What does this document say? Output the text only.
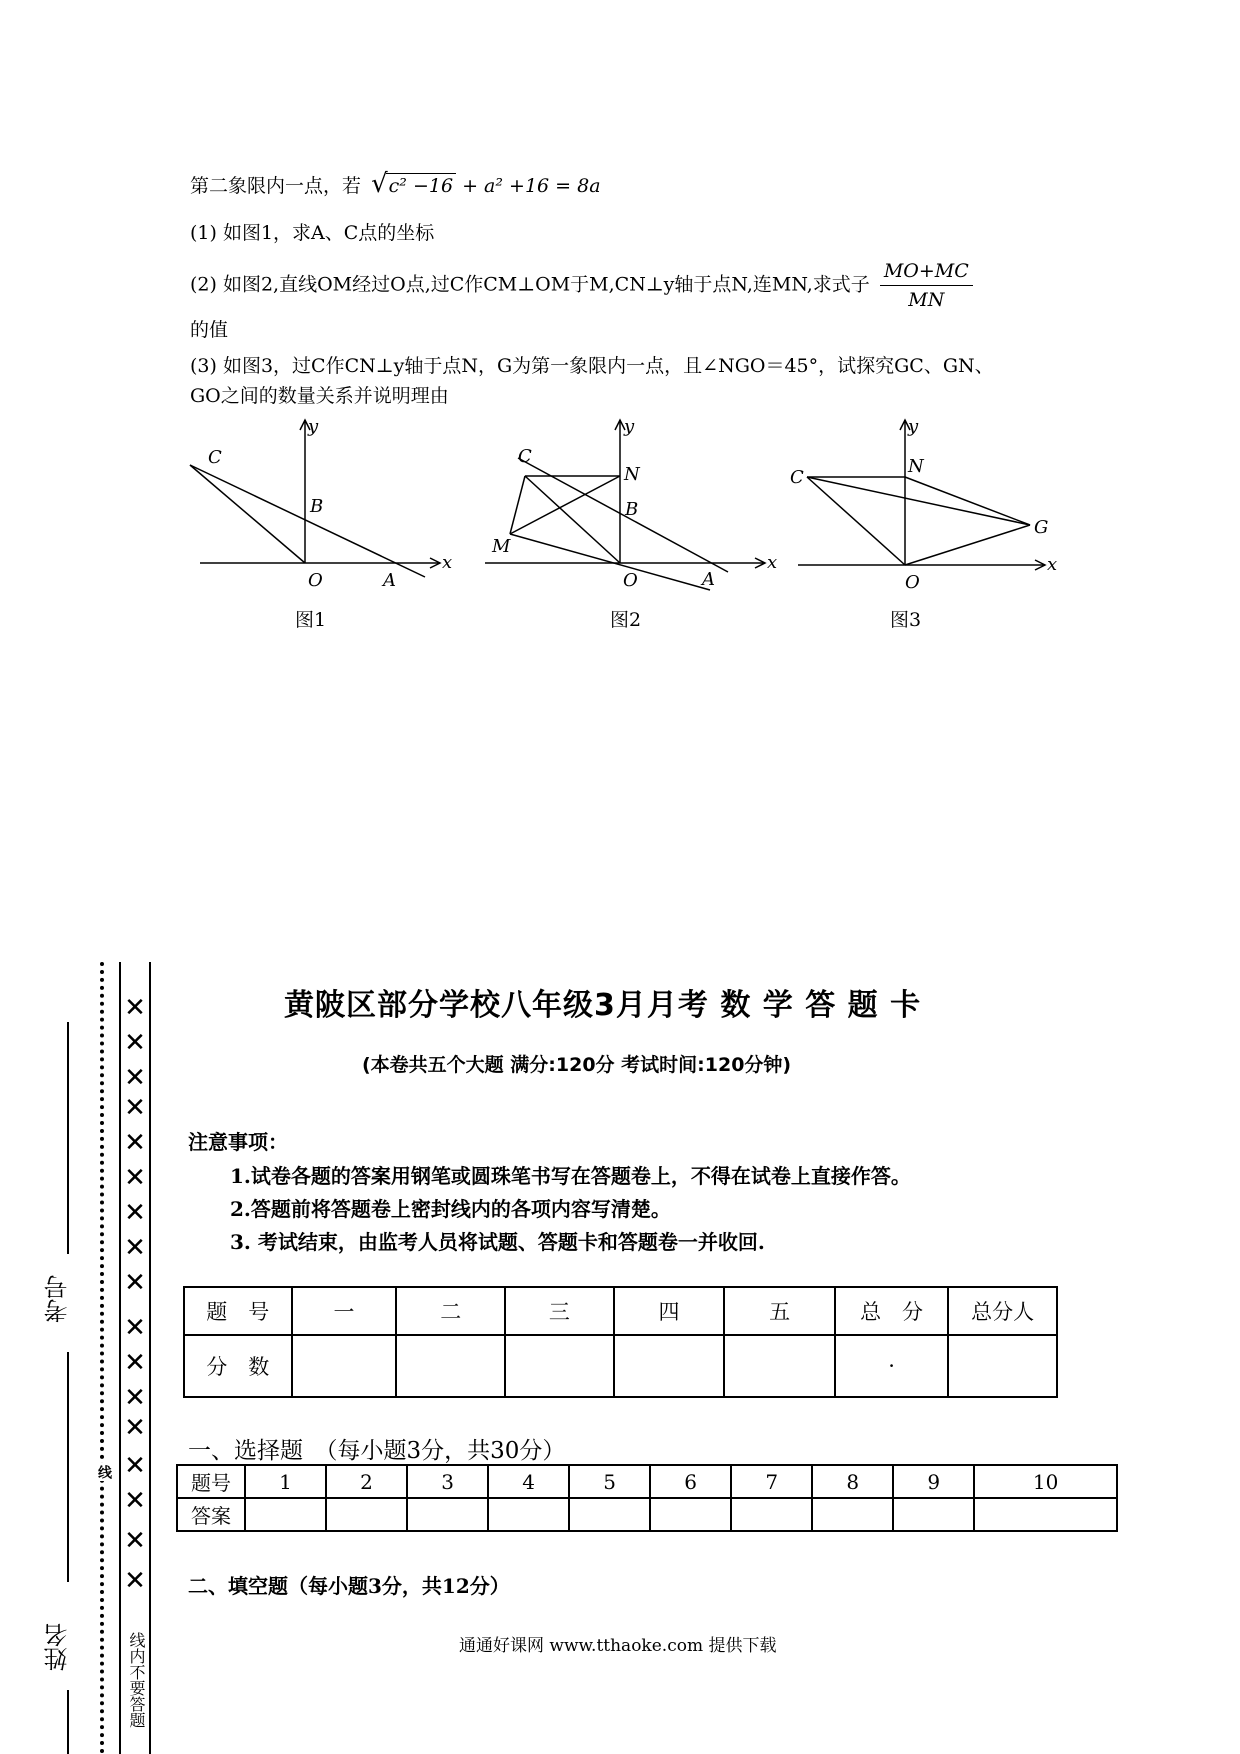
第二象限内一点，若 √c² −16 + a² +16 = 8a
(1) 如图1，求A、C点的坐标
(2) 如图2,直线OM经过O点,过C作CM⊥OM于M,CN⊥y轴于点N,连MN,求式子 $\frac{MO+MC}{MN}$
的值
(3) 如图3，过C作CN⊥y轴于点N，G为第一象限内一点，且∠NGO＝45°，试探究GC、GN、
GO之间的数量关系并说明理由
y
x
C
B
O	A
图1
y
x
C
N
B
M
O	A
图2
y
x
C
N
G
O
图3
✕
✕
✕
✕
✕
✕
✕
✕
✕
✕
✕
✕
✕
✕
✕
✕
✕
线
线内不要答题
考号
姓名
黄陂区部分学校八年级3月月考 数 学 答 题 卡
(本卷共五个大题 满分:120分 考试时间:120分钟)
注意事项：
1.试卷各题的答案用钢笔或圆珠笔书写在答题卷上，不得在试卷上直接作答。
2.答题前将答题卷上密封线内的各项内容写清楚。
3. 考试结束，由监考人员将试题、答题卡和答题卷一并收回.
题　号	一	二	三	四	五	总　分	总分人
分　数						·	
一、选择题　（每小题3分，共30分）
题号	1	2	3	4	5	6	7	8	9	10
答案										
二、填空题（每小题3分，共12分）
通通好课网 www.tthaoke.com 提供下载
